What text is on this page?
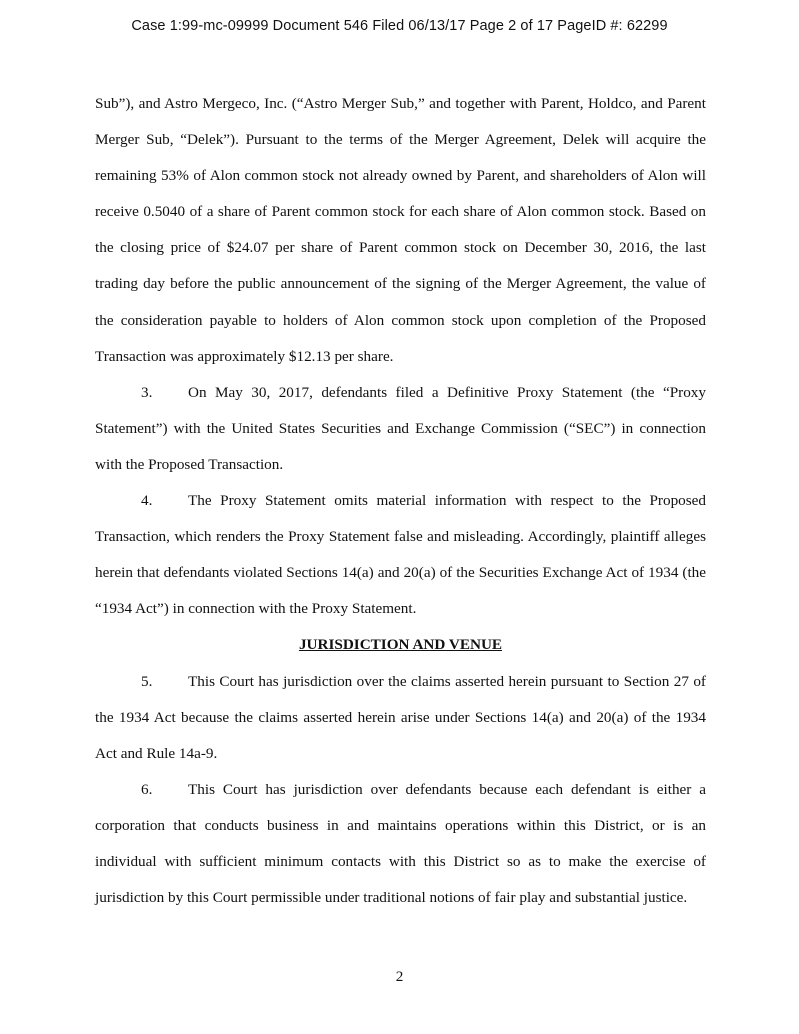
Case 1:99-mc-09999 Document 546 Filed 06/13/17 Page 2 of 17 PageID #: 62299

Sub”), and Astro Mergeco, Inc. (“Astro Merger Sub,” and together with Parent, Holdco, and Parent Merger Sub, “Delek”). Pursuant to the terms of the Merger Agreement, Delek will acquire the remaining 53% of Alon common stock not already owned by Parent, and shareholders of Alon will receive 0.5040 of a share of Parent common stock for each share of Alon common stock. Based on the closing price of $24.07 per share of Parent common stock on December 30, 2016, the last trading day before the public announcement of the signing of the Merger Agreement, the value of the consideration payable to holders of Alon common stock upon completion of the Proposed Transaction was approximately $12.13 per share.

3. On May 30, 2017, defendants filed a Definitive Proxy Statement (the “Proxy Statement”) with the United States Securities and Exchange Commission (“SEC”) in connection with the Proposed Transaction.

4. The Proxy Statement omits material information with respect to the Proposed Transaction, which renders the Proxy Statement false and misleading. Accordingly, plaintiff alleges herein that defendants violated Sections 14(a) and 20(a) of the Securities Exchange Act of 1934 (the “1934 Act”) in connection with the Proxy Statement.

JURISDICTION AND VENUE

5. This Court has jurisdiction over the claims asserted herein pursuant to Section 27 of the 1934 Act because the claims asserted herein arise under Sections 14(a) and 20(a) of the 1934 Act and Rule 14a-9.

6. This Court has jurisdiction over defendants because each defendant is either a corporation that conducts business in and maintains operations within this District, or is an individual with sufficient minimum contacts with this District so as to make the exercise of jurisdiction by this Court permissible under traditional notions of fair play and substantial justice.

2
